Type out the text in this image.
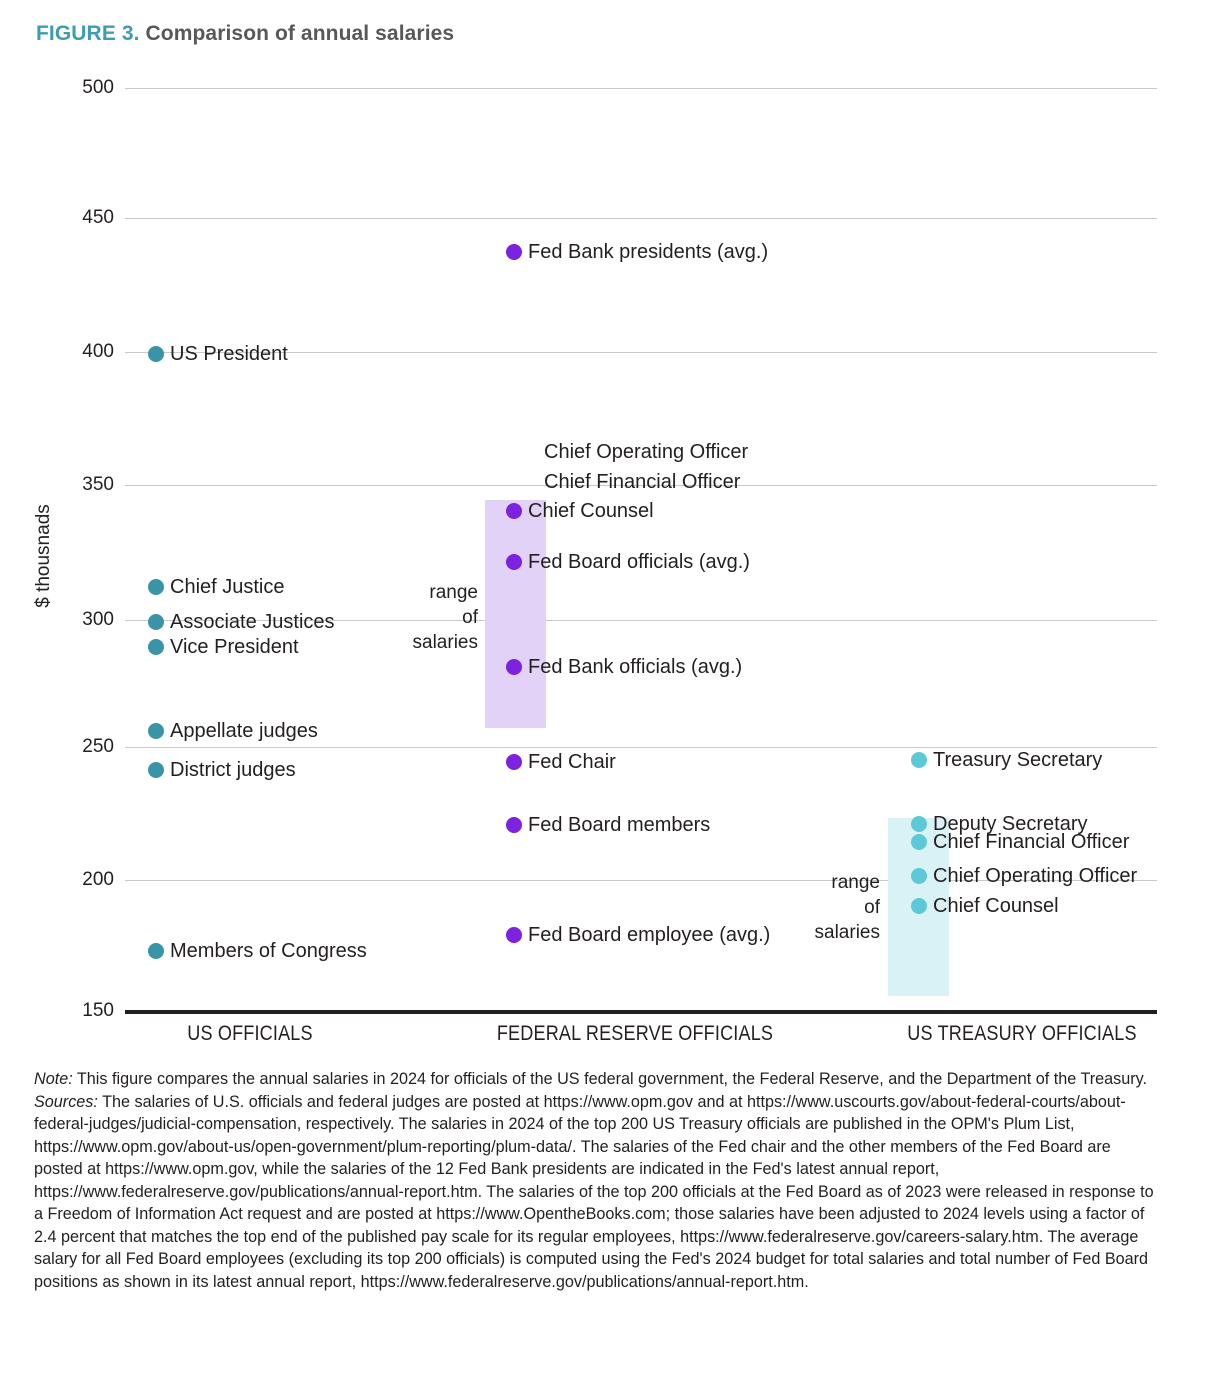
FIGURE 3. Comparison of annual salaries
500
450
400
350
300
250
200
150
$ thousnads	range
of
salaries
range
of
salaries
US President
Chief Justice
Associate Justices
Vice President
Appellate judges
District judges
Members of Congress
Fed Bank presidents (avg.)
Chief Operating Officer
Chief Financial Officer
Chief Counsel
Fed Board officials (avg.)
Fed Bank officials (avg.)
Fed Chair
Fed Board members
Fed Board employee (avg.)
Treasury Secretary
Deputy Secretary
Chief Financial Officer
Chief Operating Officer
Chief Counsel
US OFFICIALS	FEDERAL RESERVE OFFICIALS	US TREASURY OFFICIALS

Note: This figure compares the annual salaries in 2024 for officials of the US federal government, the Federal Reserve, and the Department of the Treasury.

Sources: The salaries of U.S. officials and federal judges are posted at https://www.opm.gov and at https://www.uscourts.gov/about-federal-courts/about-federal-judges/judicial-compensation, respectively. The salaries in 2024 of the top 200 US Treasury officials are published in the OPM's Plum List, https://www.opm.gov/about-us/open-government/plum-reporting/plum-data/. The salaries of the Fed chair and the other members of the Fed Board are posted at https://www.opm.gov, while the salaries of the 12 Fed Bank presidents are indicated in the Fed's latest annual report, https://www.federalreserve.gov/publications/annual-report.htm. The salaries of the top 200 officials at the Fed Board as of 2023 were released in response to a Freedom of Information Act request and are posted at https://www.OpentheBooks.com; those salaries have been adjusted to 2024 levels using a factor of 2.4 percent that matches the top end of the published pay scale for its regular employees, https://www.federalreserve.gov/careers-salary.htm. The average salary for all Fed Board employees (excluding its top 200 officials) is computed using the Fed's 2024 budget for total salaries and total number of Fed Board positions as shown in its latest annual report, https://www.federalreserve.gov/publications/annual-report.htm.
